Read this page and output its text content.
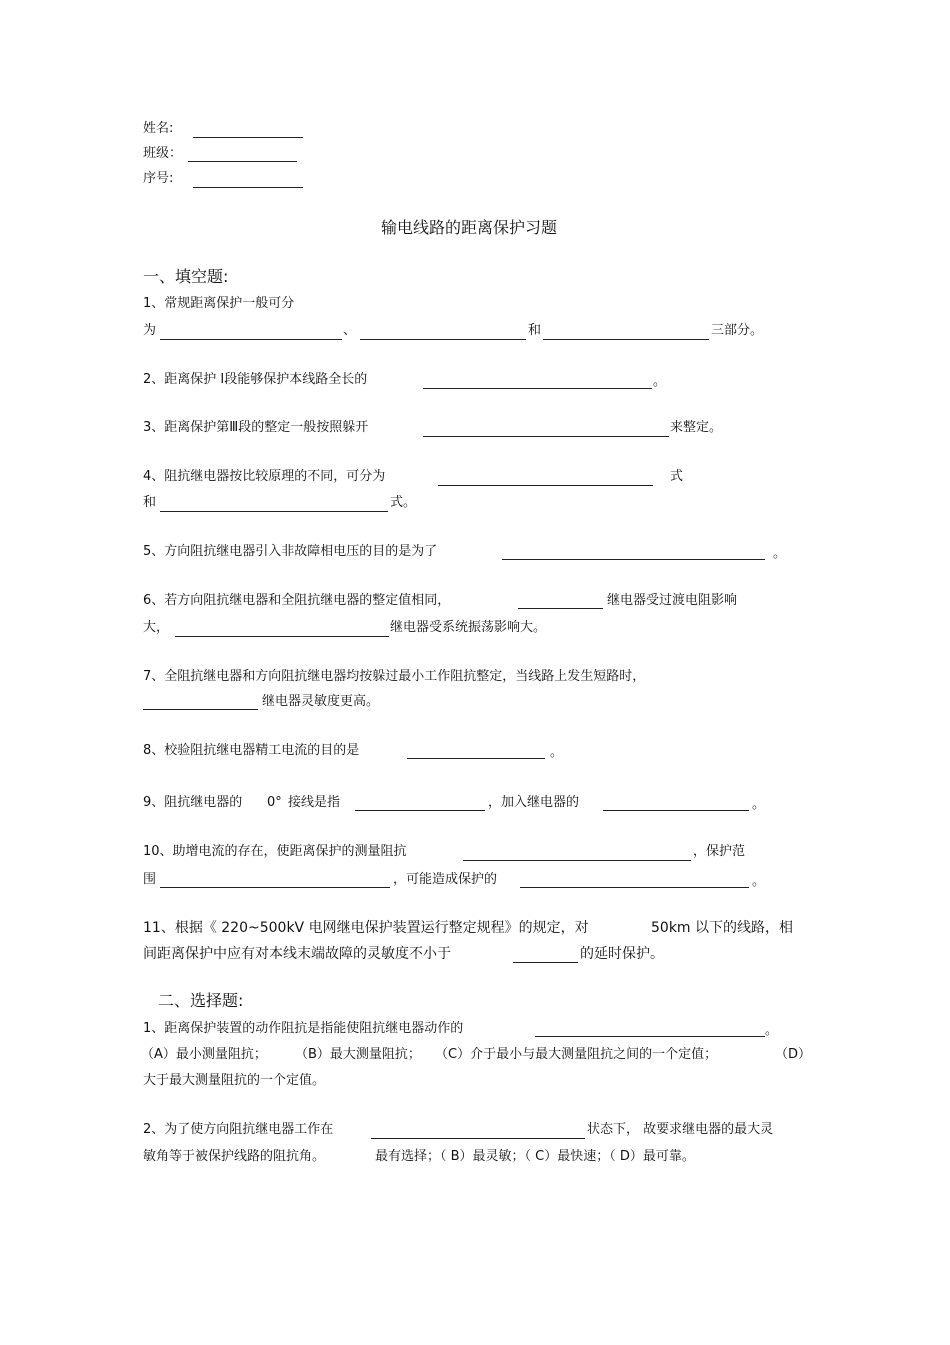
姓名:
班级：
序号:
输电线路的距离保护习题
一、填空题:
1、常规距离保护一般可分
为	、	和	三部分。
2、距离保护 Ⅰ段能够保护本线路全长的	。
3、距离保护第Ⅲ段的整定一般按照躲开	来整定。
4、阻抗继电器按比较原理的不同，可分为	式
和	式。
5、方向阻抗继电器引入非故障相电压的目的是为了	。
6、若方向阻抗继电器和全阻抗继电器的整定值相同，	继电器受过渡电阻影响
大，	继电器受系统振荡影响大。
7、全阻抗继电器和方向阻抗继电器均按躲过最小工作阻抗整定，当线路上发生短路时，
继电器灵敏度更高。
8、校验阻抗继电器精工电流的目的是	。
9、阻抗继电器的 0° 接线是指	，加入继电器的	。
10、助增电流的存在，使距离保护的测量阻抗	，保护范
围	，可能造成保护的	。
11、根据《 220~500kV 电网继电保护装置运行整定规程》的规定，对	50km 以下的线路，相
间距离保护中应有对本线末端故障的灵敏度不小于	的延时保护。
二、选择题:
1、距离保护装置的动作阻抗是指能使阻抗继电器动作的	。
（A）最小测量阻抗； （B）最大测量阻抗； （C）介于最小与最大测量阻抗之间的一个定值；	（D）
大于最大测量阻抗的一个定值。
2、为了使方向阻抗继电器工作在	状态下， 故要求继电器的最大灵
敏角等于被保护线路的阻抗角。	最有选择；（ B）最灵敏；（ C）最快速；（ D）最可靠。
